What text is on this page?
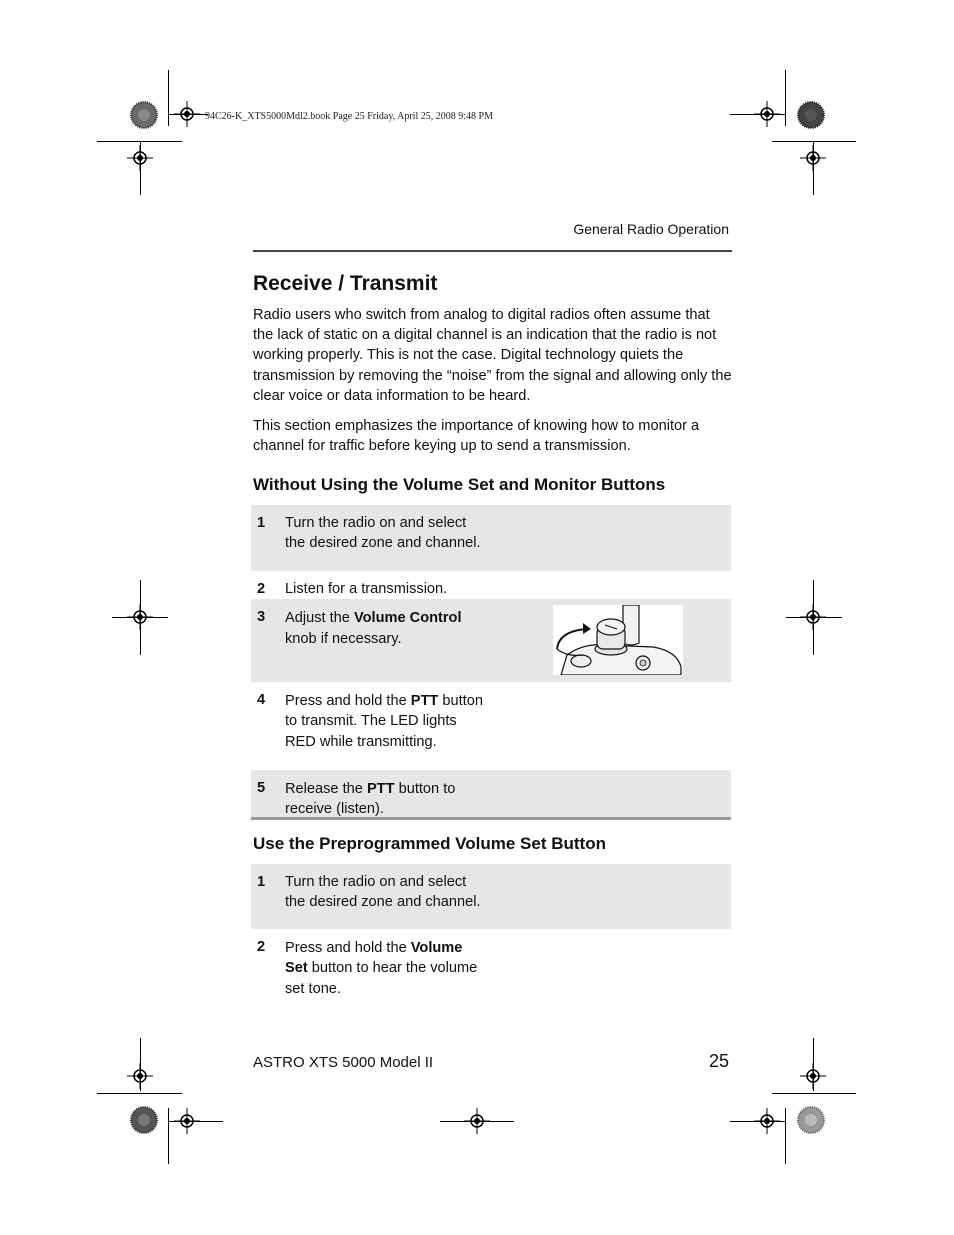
94C26-K_XTS5000Mdl2.book Page 25 Friday, April 25, 2008 9:48 PM
General Radio Operation
Receive / Transmit

Radio users who switch from analog to digital radios often assume that the lack of static on a digital channel is an indication that the radio is not working properly. This is not the case. Digital technology quiets the transmission by removing the “noise” from the signal and allowing only the clear voice or data information to be heard.

This section emphasizes the importance of knowing how to monitor a channel for traffic before keying up to send a transmission.

Without Using the Volume Set and Monitor Buttons
1 Turn the radio on and select the desired zone and channel.
2 Listen for a transmission.
3 Adjust the Volume Control knob if necessary.
4 Press and hold the PTT button to transmit. The LED lights RED while transmitting.
5 Release the PTT button to receive (listen).
Use the Preprogrammed Volume Set Button
1 Turn the radio on and select the desired zone and channel.
2 Press and hold the Volume Set button to hear the volume set tone.
ASTRO XTS 5000 Model II	25
